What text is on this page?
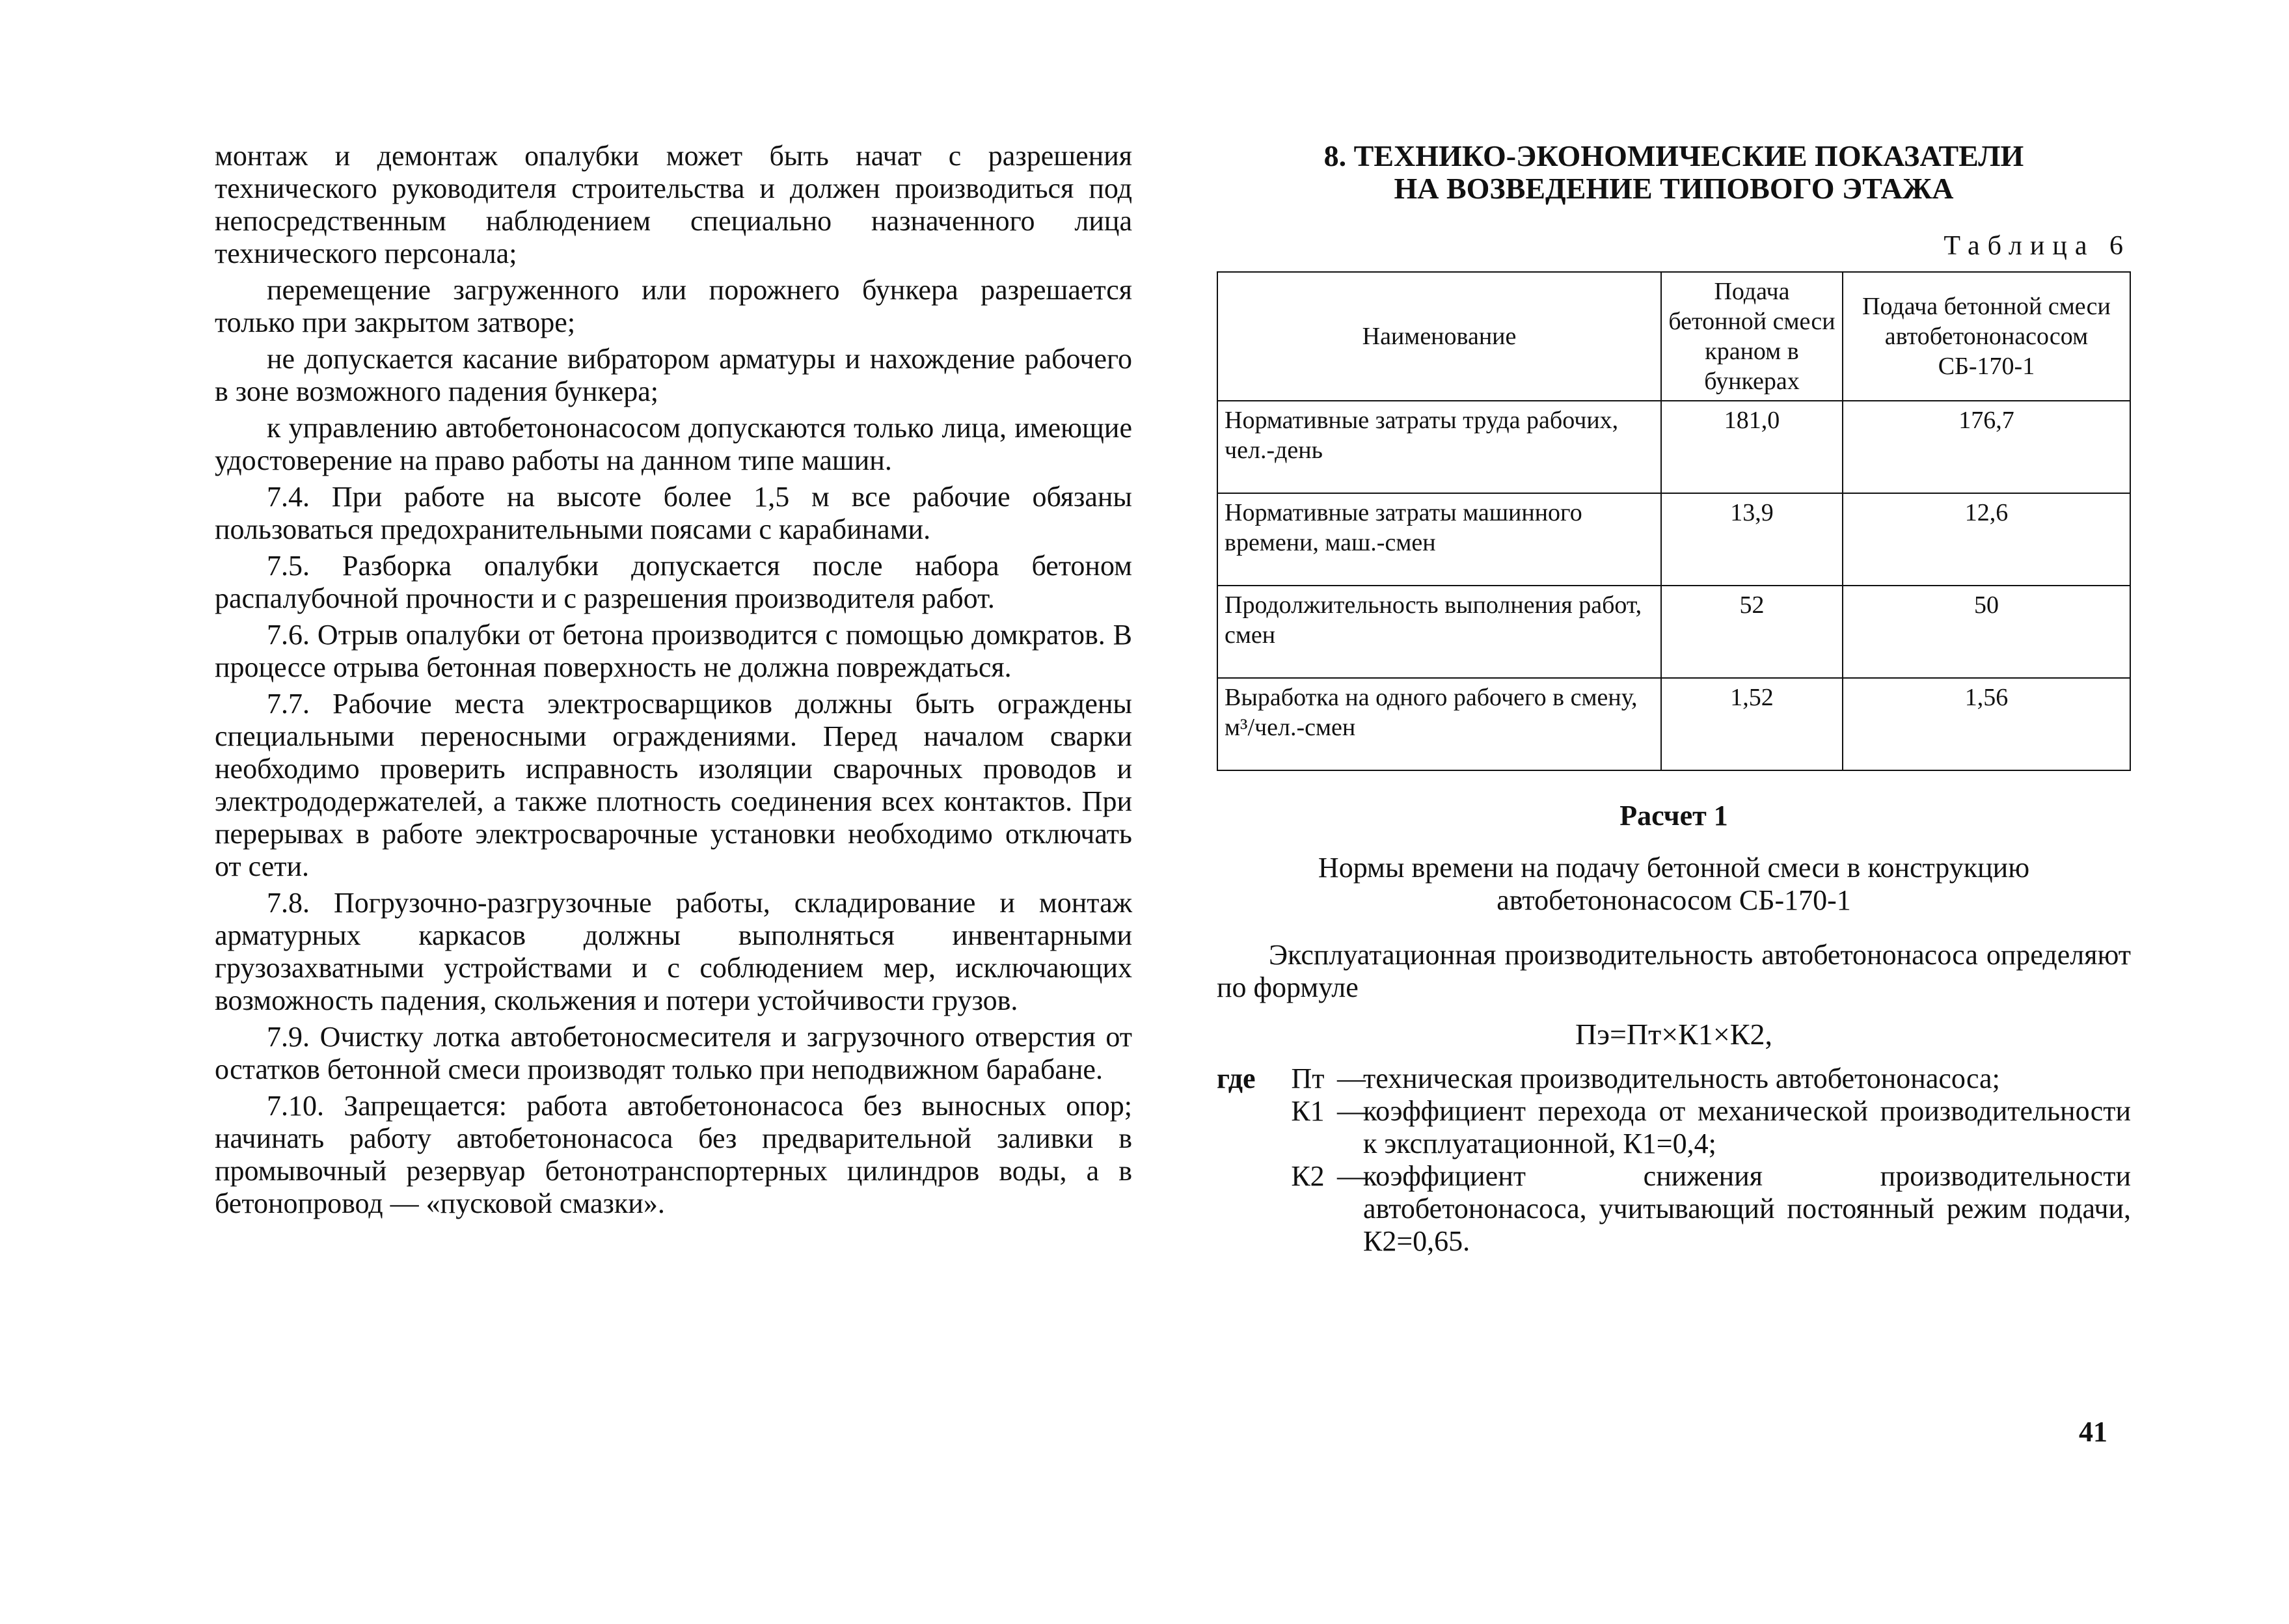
монтаж и демонтаж опалубки может быть начат с разрешения технического руководителя строительства и должен производиться под непосредственным наблюдением специально назначенного лица технического персонала;

перемещение загруженного или порожнего бункера разрешается только при закрытом затворе;

не допускается касание вибратором арматуры и нахождение рабочего в зоне возможного падения бункера;

к управлению автобетононасосом допускаются только лица, имеющие удостоверение на право работы на данном типе машин.

7.4. При работе на высоте более 1,5 м все рабочие обязаны пользоваться предохранительными поясами с карабинами.

7.5. Разборка опалубки допускается после набора бетоном распалубочной прочности и с разрешения производителя работ.

7.6. Отрыв опалубки от бетона производится с помощью домкратов. В процессе отрыва бетонная поверхность не должна повреждаться.

7.7. Рабочие места электросварщиков должны быть ограждены специальными переносными ограждениями. Перед началом сварки необходимо проверить исправность изоляции сварочных проводов и электрододержателей, а также плотность соединения всех контактов. При перерывах в работе электросварочные установки необходимо отключать от сети.

7.8. Погрузочно-разгрузочные работы, складирование и монтаж арматурных каркасов должны выполняться инвентарными грузозахватными устройствами и с соблюдением мер, исключающих возможность падения, скольжения и потери устойчивости грузов.

7.9. Очистку лотка автобетоносмесителя и загрузочного отверстия от остатков бетонной смеси производят только при неподвижном барабане.

7.10. Запрещается: работа автобетононасоса без выносных опор; начинать работу автобетононасоса без предварительной заливки в промывочный резервуар бетонотранспортерных цилиндров воды, а в бетонопровод — «пусковой смазки».

8. ТЕХНИКО-ЭКОНОМИЧЕСКИЕ ПОКАЗАТЕЛИ
НА ВОЗВЕДЕНИЕ ТИПОВОГО ЭТАЖА
Таблица 6
Наименование	Подача бетонной смеси краном в бункерах	Подача бетонной смеси автобетононасосом СБ-170-1
Нормативные затраты труда рабочих, чел.-день	181,0	176,7
Нормативные затраты машинного времени, маш.-смен	13,9	12,6
Продолжительность выполнения работ, смен	52	50
Выработка на одного рабочего в смену, м³/чел.-смен	1,52	1,56
Расчет 1
Нормы времени на подачу бетонной смеси в конструкцию
автобетононасосом СБ-170-1

Эксплуатационная производительность автобетононасоса определяют по формуле

Пэ=Пт×К1×К2,
где	Пт —
техническая производительность автобетононасоса;
К1 —
коэффициент перехода от механической производительности к эксплуатационной, К1=0,4;
К2 —
коэффициент снижения производительности автобетононасоса, учитывающий постоянный режим подачи, К2=0,65.
41
